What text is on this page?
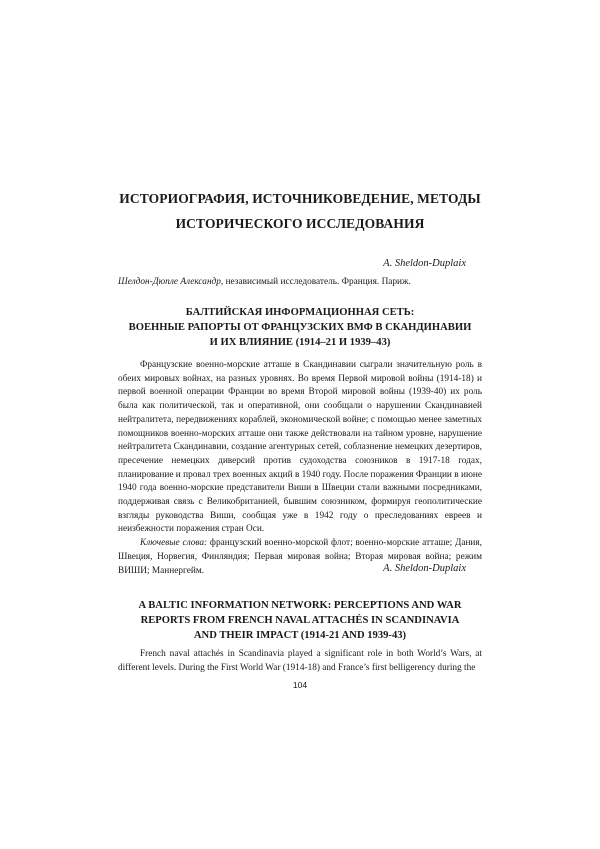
ИСТОРИОГРАФИЯ, ИСТОЧНИКОВЕДЕНИЕ, МЕТОДЫ
ИСТОРИЧЕСКОГО ИССЛЕДОВАНИЯ
A. Sheldon-Duplaix
Шелдон-Дюплe Александр, независимый исследователь. Франция. Париж.
БАЛТИЙСКАЯ ИНФОРМАЦИОННАЯ СЕТЬ:
ВОЕННЫЕ РАПОРТЫ ОТ ФРАНЦУЗСКИХ ВМФ В СКАНДИНАВИИ
И ИХ ВЛИЯНИЕ (1914–21 И 1939–43)

Французские военно-морские атташе в Скандинавии сыграли значительную роль в обеих мировых войнах, на разных уровнях. Во время Первой мировой войны (1914-18) и первой военной операции Франции во время Второй мировой войны (1939-40) их роль была как политической, так и оперативной, они сообщали о нарушении Скандинавией нейтралитета, передвижениях кораблей, экономической войне; с помощью менее заметных помощников военно-морских атташе они также действовали на тайном уровне, нарушение нейтралитета Скандинавии, создание агентурных сетей, соблазнение немецких дезертиров, пресечение немецких диверсий против судоходства союзников в 1917-18 годах, планирование и провал трех военных акций в 1940 году. После поражения Франции в июне 1940 года военно-морские представители Виши в Швеции стали важными посредниками, поддерживая связь с Великобританией, бывшим союзником, формируя геополитические взгляды руководства Виши, сообщая уже в 1942 году о преследованиях евреев и неизбежности поражения стран Оси.

Ключевые слова: французский военно-морской флот; военно-морские атташе; Дания, Швеция, Норвегия, Финляндия; Первая мировая война; Вторая мировая война; режим ВИШИ; Маннергейм.	A. Sheldon-Duplaix
A BALTIC INFORMATION NETWORK: PERCEPTIONS AND WAR
REPORTS FROM FRENCH NAVAL ATTACHÉS IN SCANDINAVIA
AND THEIR IMPACT (1914-21 AND 1939-43)

French naval attachés in Scandinavia played a significant role in both World’s Wars, at different levels. During the First World War (1914-18) and France’s first belligerency during the

104
